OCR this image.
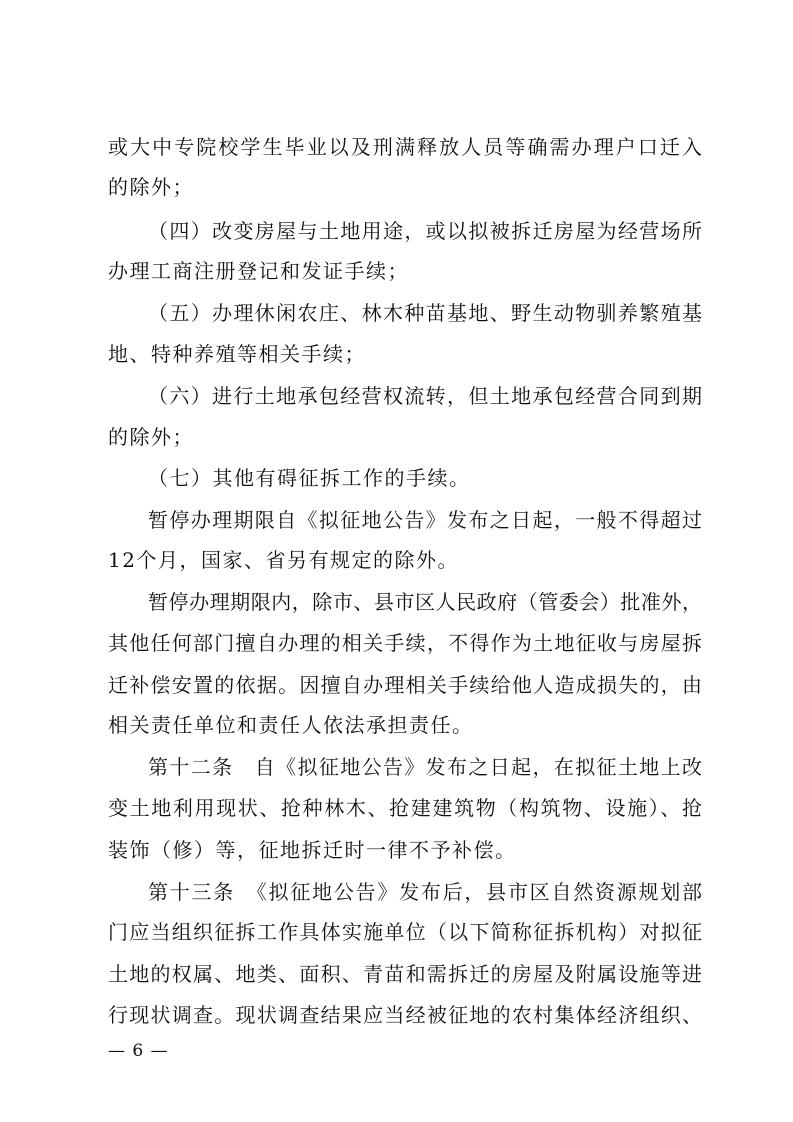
或大中专院校学生毕业以及刑满释放人员等确需办理户口迁入
的除外；
（四）改变房屋与土地用途，或以拟被拆迁房屋为经营场所
办理工商注册登记和发证手续；
（五）办理休闲农庄、林木种苗基地、野生动物驯养繁殖基
地、特种养殖等相关手续；
（六）进行土地承包经营权流转，但土地承包经营合同到期
的除外；
（七）其他有碍征拆工作的手续。
暂停办理期限自《拟征地公告》发布之日起，一般不得超过
12个月，国家、省另有规定的除外。
暂停办理期限内，除市、县市区人民政府（管委会）批准外，
其他任何部门擅自办理的相关手续，不得作为土地征收与房屋拆
迁补偿安置的依据。因擅自办理相关手续给他人造成损失的，由
相关责任单位和责任人依法承担责任。
第十二条　自《拟征地公告》发布之日起，在拟征土地上改
变土地利用现状、抢种林木、抢建建筑物（构筑物、设施）、抢
装饰（修）等，征地拆迁时一律不予补偿。
第十三条　《拟征地公告》发布后，县市区自然资源规划部
门应当组织征拆工作具体实施单位（以下简称征拆机构）对拟征
土地的权属、地类、面积、青苗和需拆迁的房屋及附属设施等进
行现状调查。现状调查结果应当经被征地的农村集体经济组织、
— 6 —
